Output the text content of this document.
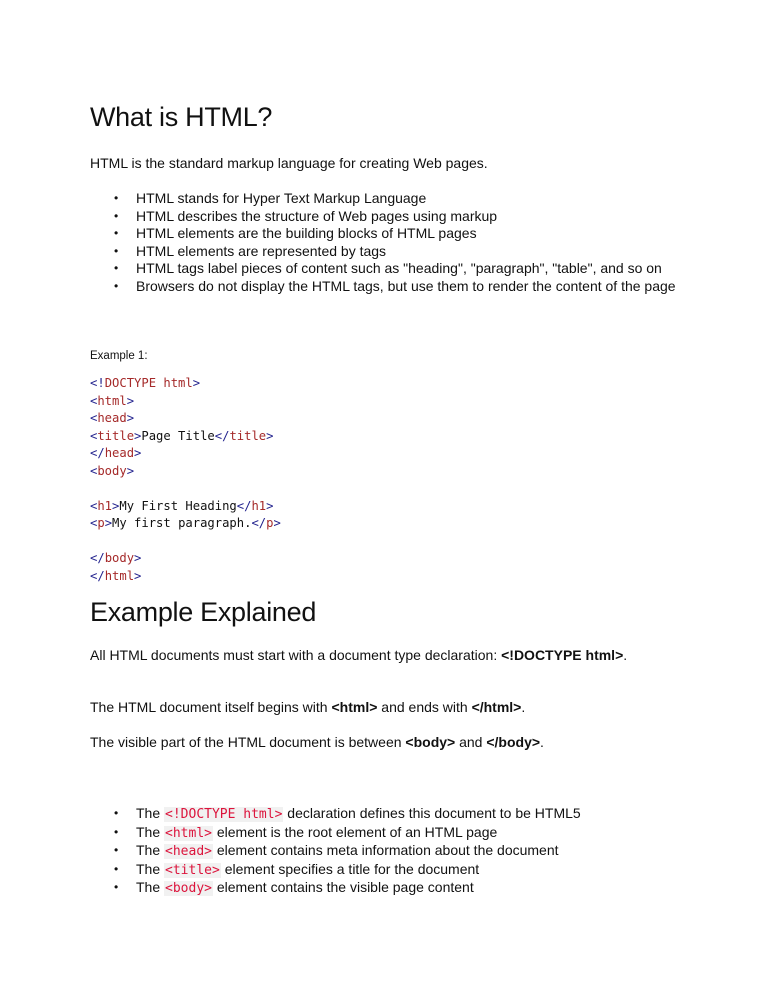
What is HTML?

HTML is the standard markup language for creating Web pages.

• HTML stands for Hyper Text Markup Language
• HTML describes the structure of Web pages using markup
• HTML elements are the building blocks of HTML pages
• HTML elements are represented by tags
• HTML tags label pieces of content such as "heading", "paragraph", "table", and so on
• Browsers do not display the HTML tags, but use them to render the content of the page

Example 1:

<!DOCTYPE html>
<html>
<head>
<title>Page Title</title>
</head>
<body>
<h1>My First Heading</h1>
<p>My first paragraph.</p>
</body>
</html>
Example Explained

All HTML documents must start with a document type declaration: <!DOCTYPE html>.

The HTML document itself begins with <html> and ends with </html>.

The visible part of the HTML document is between <body> and </body>.

• The <!DOCTYPE html> declaration defines this document to be HTML5
• The <html> element is the root element of an HTML page
• The <head> element contains meta information about the document
• The <title> element specifies a title for the document
• The <body> element contains the visible page content
